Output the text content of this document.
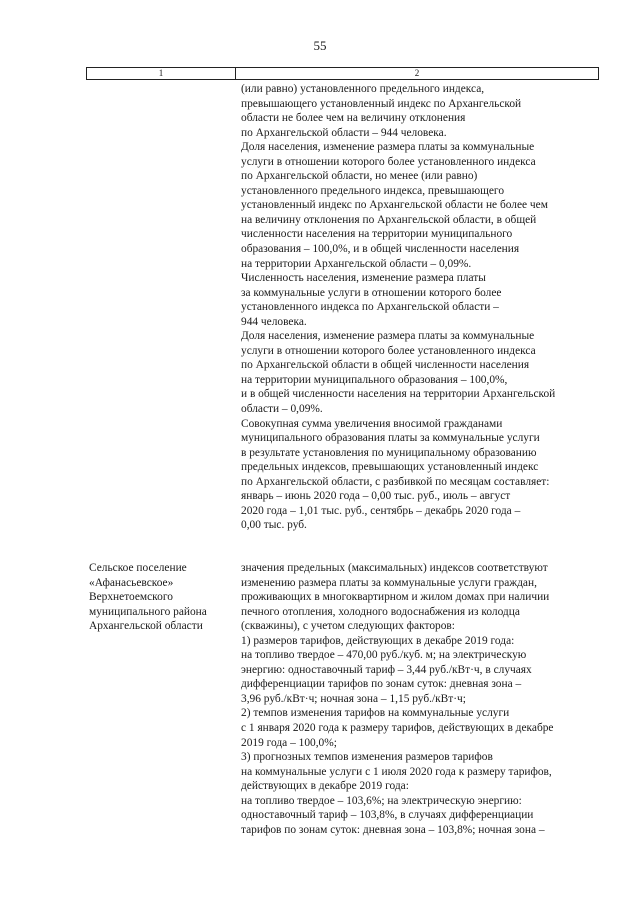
55
1	2
(или равно) установленного предельного индекса,
превышающего установленный индекс по Архангельской
области не более чем на величину отклонения
по Архангельской области – 944 человека.
Доля населения, изменение размера платы за коммунальные
услуги в отношении которого более установленного индекса
по Архангельской области, но менее (или равно)
установленного предельного индекса, превышающего
установленный индекс по Архангельской области не более чем
на величину отклонения по Архангельской области, в общей
численности населения на территории муниципального
образования – 100,0%, и в общей численности населения
на территории Архангельской области – 0,09%.
Численность населения, изменение размера платы
за коммунальные услуги в отношении которого более
установленного индекса по Архангельской области –
944 человека.
Доля населения, изменение размера платы за коммунальные
услуги в отношении которого более установленного индекса
по Архангельской области в общей численности населения
на территории муниципального образования – 100,0%,
и в общей численности населения на территории Архангельской
области – 0,09%.
Совокупная сумма увеличения вносимой гражданами
муниципального образования платы за коммунальные услуги
в результате установления по муниципальному образованию
предельных индексов, превышающих установленный индекс
по Архангельской области, с разбивкой по месяцам составляет:
январь – июнь 2020 года – 0,00 тыс. руб., июль – август
2020 года – 1,01 тыс. руб., сентябрь – декабрь 2020 года –
0,00 тыс. руб.
Сельское поселение
«Афанасьевское»
Верхнетоемского
муниципального района
Архангельской области
значения предельных (максимальных) индексов соответствуют
изменению размера платы за коммунальные услуги граждан,
проживающих в многоквартирном и жилом домах при наличии
печного отопления, холодного водоснабжения из колодца
(скважины), с учетом следующих факторов:
1) размеров тарифов, действующих в декабре 2019 года:
на топливо твердое – 470,00 руб./куб. м; на электрическую
энергию: одноставочный тариф – 3,44 руб./кВт·ч, в случаях
дифференциации тарифов по зонам суток: дневная зона –
3,96 руб./кВт·ч; ночная зона – 1,15 руб./кВт·ч;
2) темпов изменения тарифов на коммунальные услуги
с 1 января 2020 года к размеру тарифов, действующих в декабре
2019 года – 100,0%;
3) прогнозных темпов изменения размеров тарифов
на коммунальные услуги с 1 июля 2020 года к размеру тарифов,
действующих в декабре 2019 года:
на топливо твердое – 103,6%; на электрическую энергию:
одноставочный тариф – 103,8%, в случаях дифференциации
тарифов по зонам суток: дневная зона – 103,8%; ночная зона –
